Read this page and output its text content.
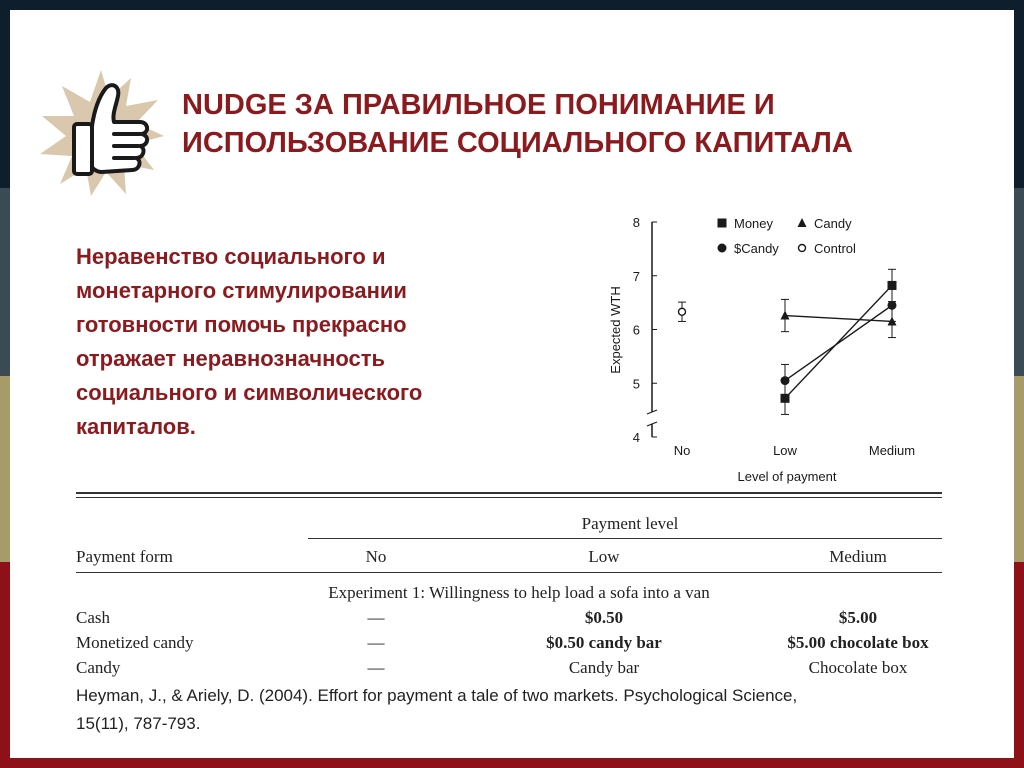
NUDGE ЗА ПРАВИЛЬНОЕ ПОНИМАНИЕ И
ИСПОЛЬЗОВАНИЕ СОЦИАЛЬНОГО КАПИТАЛА
Неравенство социального и
монетарного стимулировании
готовности помочь прекрасно
отражает неравнозначность
социального и символического
капиталов.	4
5
6
7
8
Expected WTH
No	Low	Medium
Level of payment
Money	Candy
$Candy	Control
Payment level
Payment form	No	Low	Medium
Experiment 1: Willingness to help load a sofa into a van
Cash	—	$0.50	$5.00
Monetized candy	—	$0.50 candy bar	$5.00 chocolate box
Candy	—	Candy bar	Chocolate box
Heyman, J., & Ariely, D. (2004). Effort for payment a tale of two markets. Psychological Science,
15(11), 787-793.
